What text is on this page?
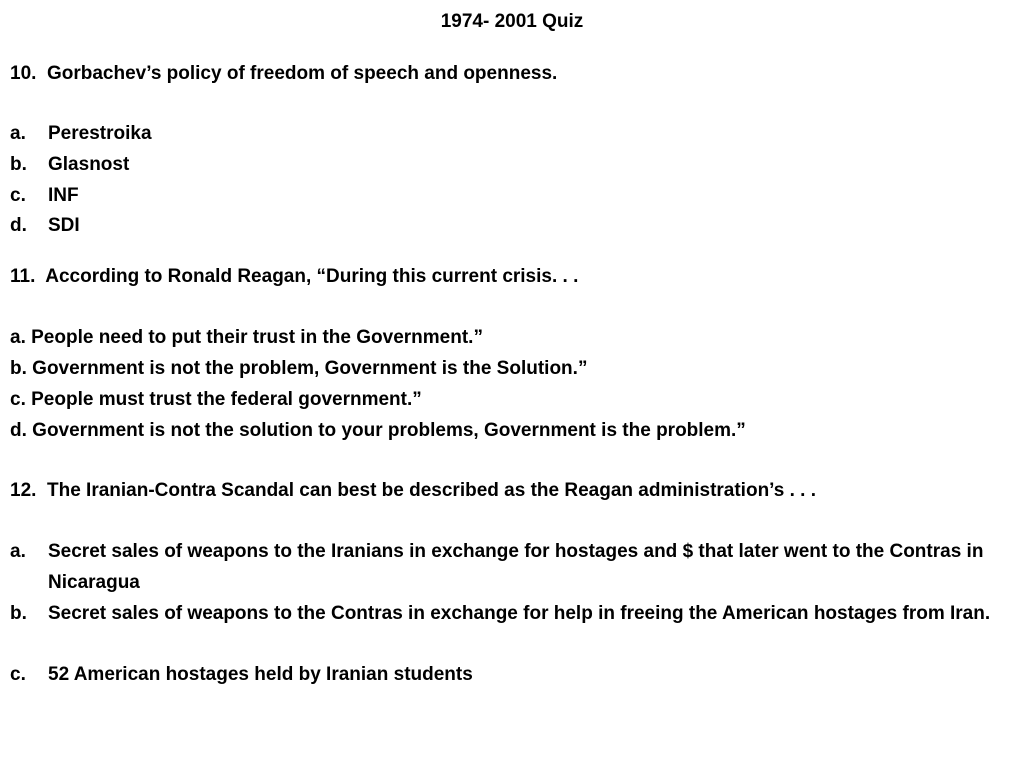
1974- 2001 Quiz
10. Gorbachev’s policy of freedom of speech and openness.
a. Perestroika
b. Glasnost
c. INF
d. SDI
11. According to Ronald Reagan, “During this current crisis. . .
a. People need to put their trust in the Government.”
b. Government is not the problem, Government is the Solution.”
c. People must trust the federal government.”
d. Government is not the solution to your problems, Government is the problem.”
12. The Iranian-Contra Scandal can best be described as the Reagan administration’s . . .
a. Secret sales of weapons to the Iranians in exchange for hostages and $ that later went to the Contras in Nicaragua
b. Secret sales of weapons to the Contras in exchange for help in freeing the American hostages from Iran.
c. 52 American hostages held by Iranian students
